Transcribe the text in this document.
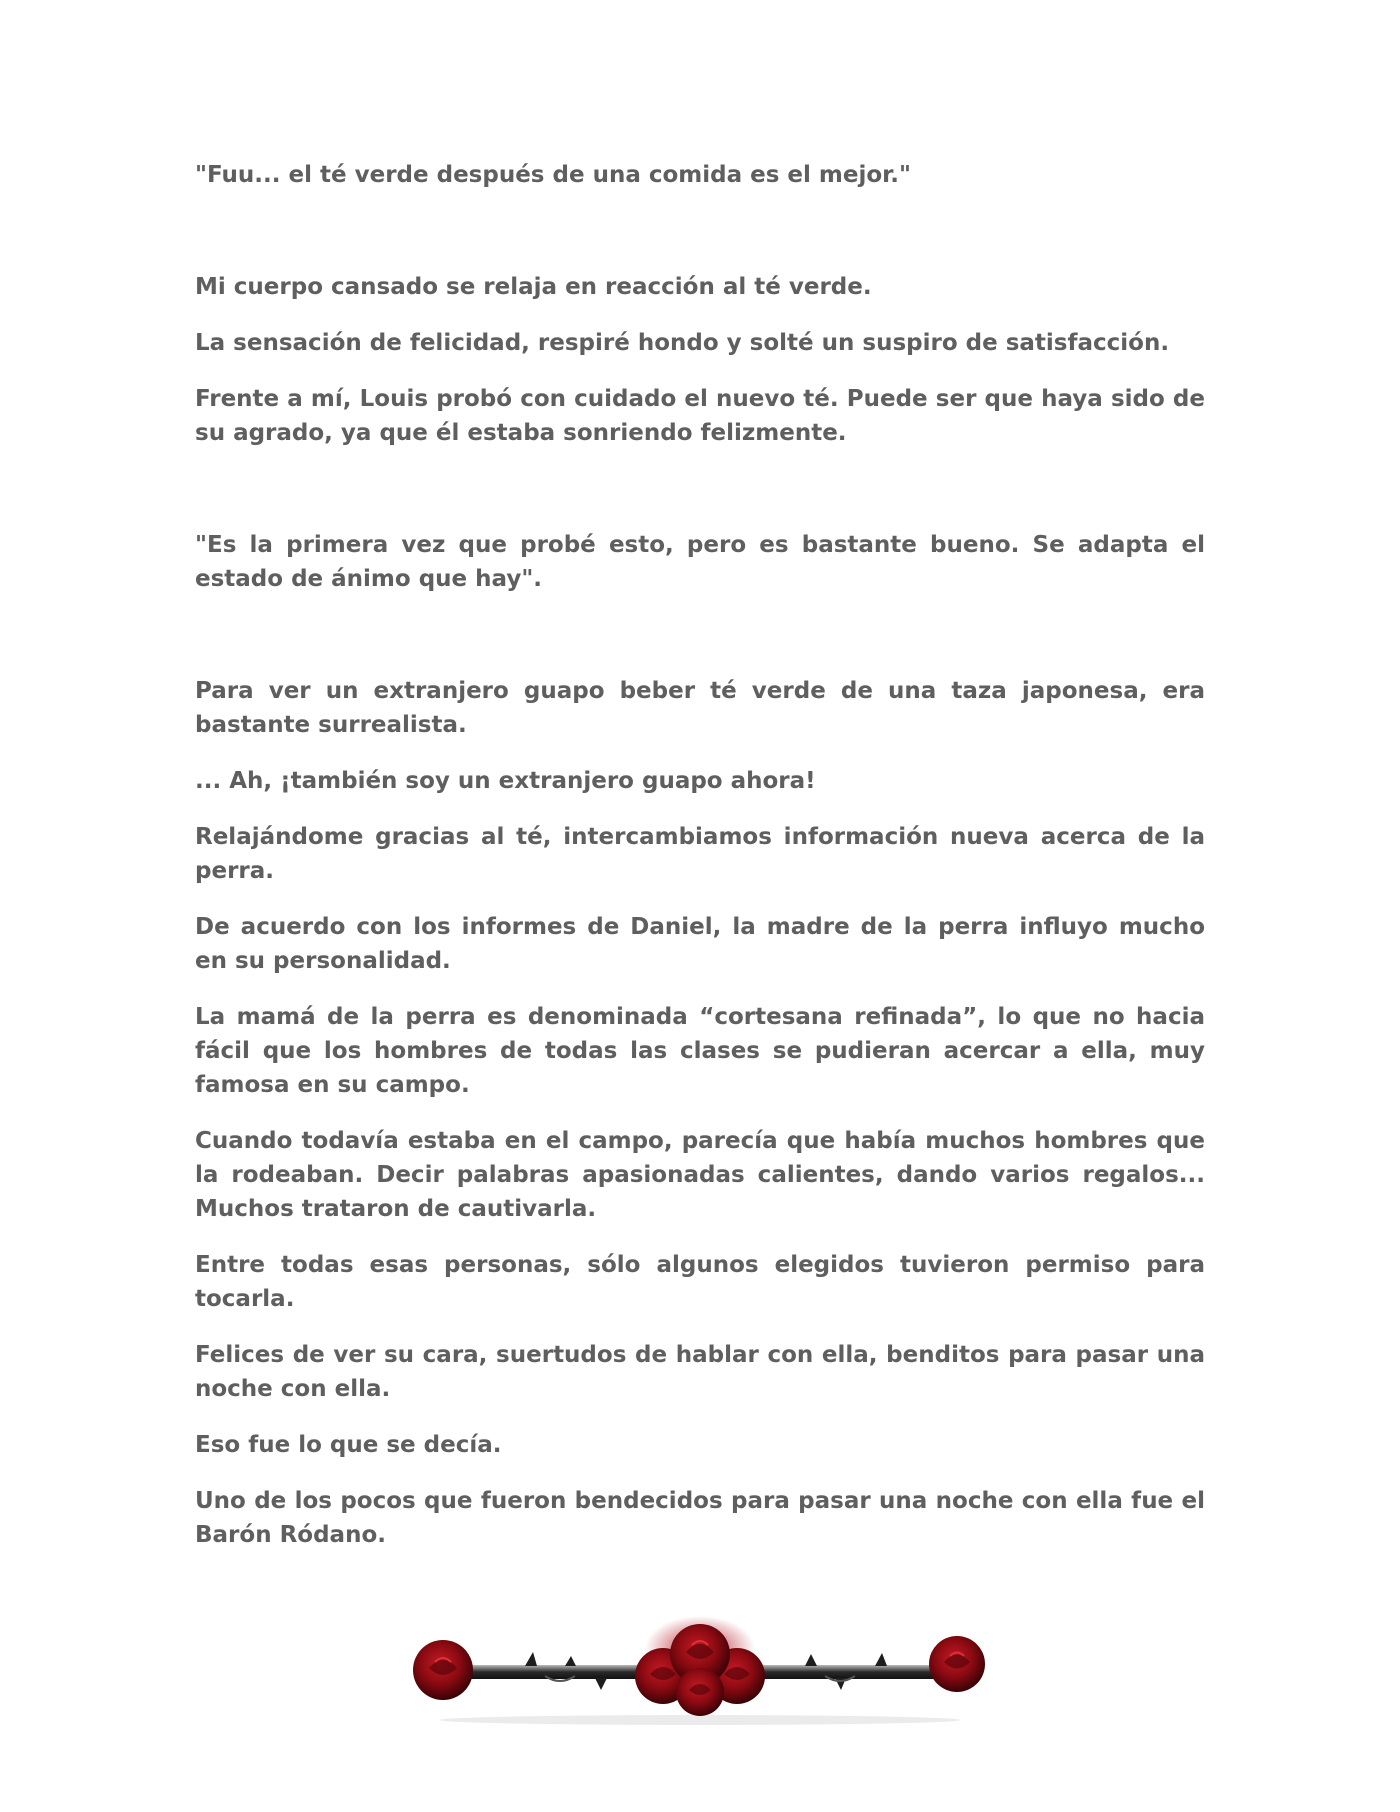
"Fuu... el té verde después de una comida es el mejor."

Mi cuerpo cansado se relaja en reacción al té verde.

La sensación de felicidad, respiré hondo y solté un suspiro de satisfacción.

Frente a mí, Louis probó con cuidado el nuevo té. Puede ser que haya sido de su agrado, ya que él estaba sonriendo felizmente.

"Es la primera vez que probé esto, pero es bastante bueno. Se adapta el estado de ánimo que hay".

Para ver un extranjero guapo beber té verde de una taza japonesa, era bastante surrealista.

... Ah, ¡también soy un extranjero guapo ahora!

Relajándome gracias al té, intercambiamos información nueva acerca de la perra.

De acuerdo con los informes de Daniel, la madre de la perra influyo mucho en su personalidad.

La mamá de la perra es denominada “cortesana refinada”, lo que no hacia fácil que los hombres de todas las clases se pudieran acercar a ella, muy famosa en su campo.

Cuando todavía estaba en el campo, parecía que había muchos hombres que la rodeaban. Decir palabras apasionadas calientes, dando varios regalos... Muchos trataron de cautivarla.

Entre todas esas personas, sólo algunos elegidos tuvieron permiso para tocarla.

Felices de ver su cara, suertudos de hablar con ella, benditos para pasar una noche con ella.

Eso fue lo que se decía.

Uno de los pocos que fueron bendecidos para pasar una noche con ella fue el Barón Ródano.
